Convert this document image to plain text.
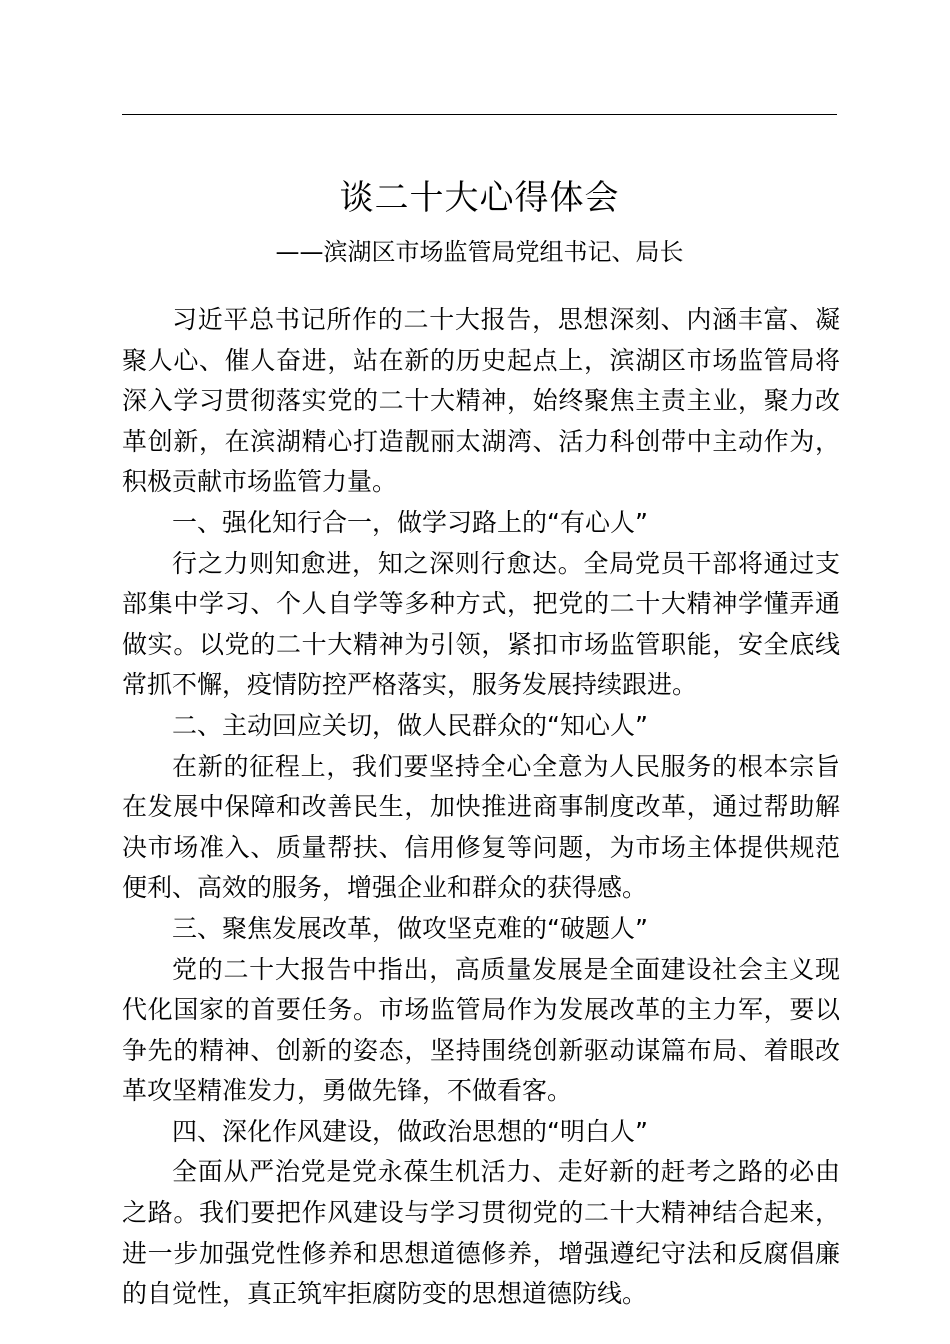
谈二十大心得体会
——滨湖区市场监管局党组书记、局长

习近平总书记所作的二十大报告，思想深刻、内涵丰富、凝聚人心、催人奋进，站在新的历史起点上，滨湖区市场监管局将深入学习贯彻落实党的二十大精神，始终聚焦主责主业，聚力改革创新，在滨湖精心打造靓丽太湖湾、活力科创带中主动作为，积极贡献市场监管力量。

一、强化知行合一，做学习路上的“有心人”

行之力则知愈进，知之深则行愈达。全局党员干部将通过支部集中学习、个人自学等多种方式，把党的二十大精神学懂弄通做实。以党的二十大精神为引领，紧扣市场监管职能，安全底线常抓不懈，疫情防控严格落实，服务发展持续跟进。

二、主动回应关切，做人民群众的“知心人”

在新的征程上，我们要坚持全心全意为人民服务的根本宗旨在发展中保障和改善民生，加快推进商事制度改革，通过帮助解决市场准入、质量帮扶、信用修复等问题，为市场主体提供规范便利、高效的服务，增强企业和群众的获得感。

三、聚焦发展改革，做攻坚克难的“破题人”

党的二十大报告中指出，高质量发展是全面建设社会主义现代化国家的首要任务。市场监管局作为发展改革的主力军，要以争先的精神、创新的姿态，坚持围绕创新驱动谋篇布局、着眼改革攻坚精准发力，勇做先锋，不做看客。

四、深化作风建设，做政治思想的“明白人”

全面从严治党是党永葆生机活力、走好新的赶考之路的必由之路。我们要把作风建设与学习贯彻党的二十大精神结合起来，进一步加强党性修养和思想道德修养，增强遵纪守法和反腐倡廉的自觉性，真正筑牢拒腐防变的思想道德防线。
